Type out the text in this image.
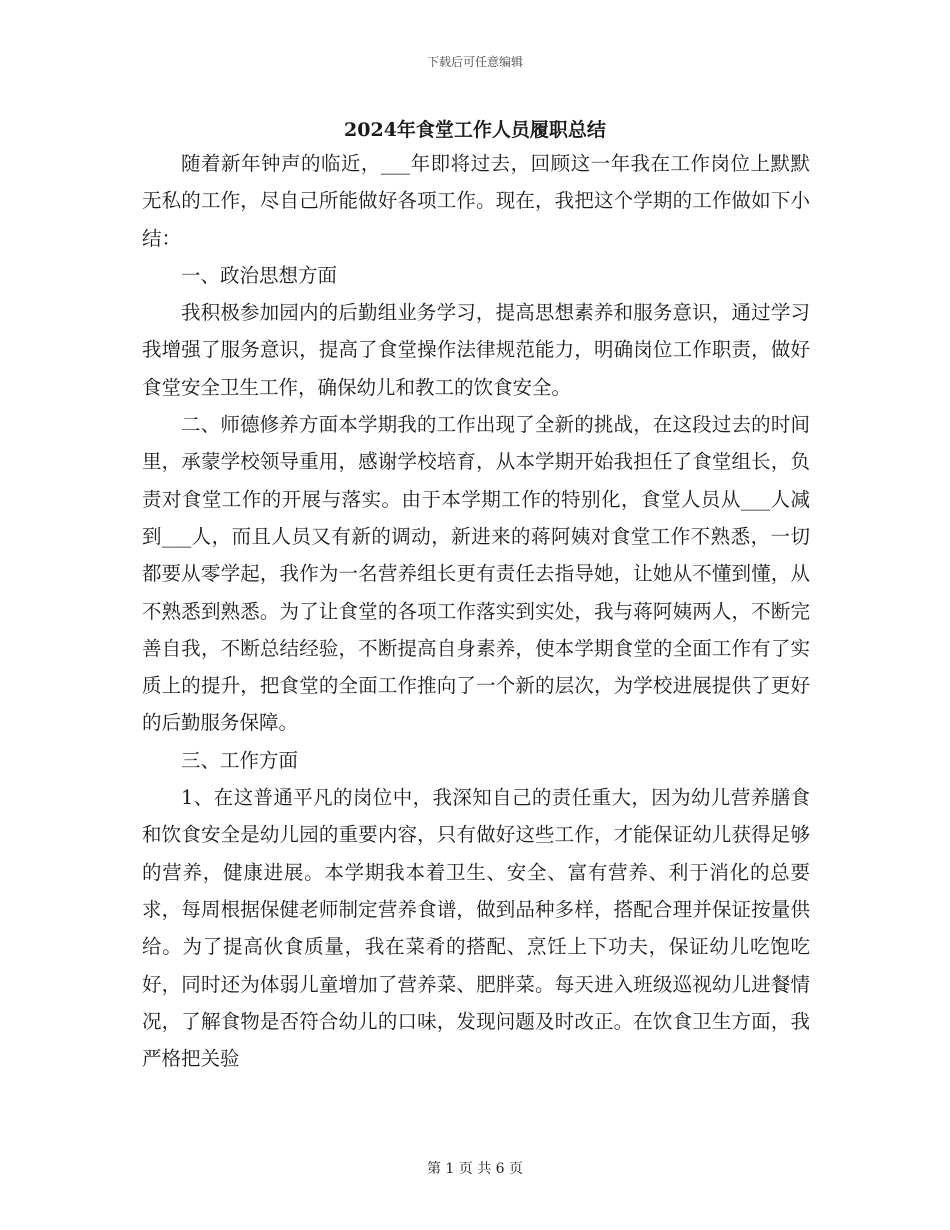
下载后可任意编辑
2024年食堂工作人员履职总结

随着新年钟声的临近，___年即将过去，回顾这一年我在工作岗位上默默无私的工作，尽自己所能做好各项工作。现在，我把这个学期的工作做如下小结：

一、政治思想方面

我积极参加园内的后勤组业务学习，提高思想素养和服务意识，通过学习我增强了服务意识，提高了食堂操作法律规范能力，明确岗位工作职责，做好食堂安全卫生工作，确保幼儿和教工的饮食安全。

二、师德修养方面本学期我的工作出现了全新的挑战，在这段过去的时间里，承蒙学校领导重用，感谢学校培育，从本学期开始我担任了食堂组长，负责对食堂工作的开展与落实。由于本学期工作的特别化，食堂人员从___人减到___人，而且人员又有新的调动，新进来的蒋阿姨对食堂工作不熟悉，一切都要从零学起，我作为一名营养组长更有责任去指导她，让她从不懂到懂，从不熟悉到熟悉。为了让食堂的各项工作落实到实处，我与蒋阿姨两人，不断完善自我，不断总结经验，不断提高自身素养，使本学期食堂的全面工作有了实质上的提升，把食堂的全面工作推向了一个新的层次，为学校进展提供了更好的后勤服务保障。

三、工作方面

1、在这普通平凡的岗位中，我深知自己的责任重大，因为幼儿营养膳食和饮食安全是幼儿园的重要内容，只有做好这些工作，才能保证幼儿获得足够的营养，健康进展。本学期我本着卫生、安全、富有营养、利于消化的总要求，每周根据保健老师制定营养食谱，做到品种多样，搭配合理并保证按量供给。为了提高伙食质量，我在菜肴的搭配、烹饪上下功夫，保证幼儿吃饱吃好，同时还为体弱儿童增加了营养菜、肥胖菜。每天进入班级巡视幼儿进餐情况，了解食物是否符合幼儿的口味，发现问题及时改正。在饮食卫生方面，我严格把关验

第 1 页 共 6 页
